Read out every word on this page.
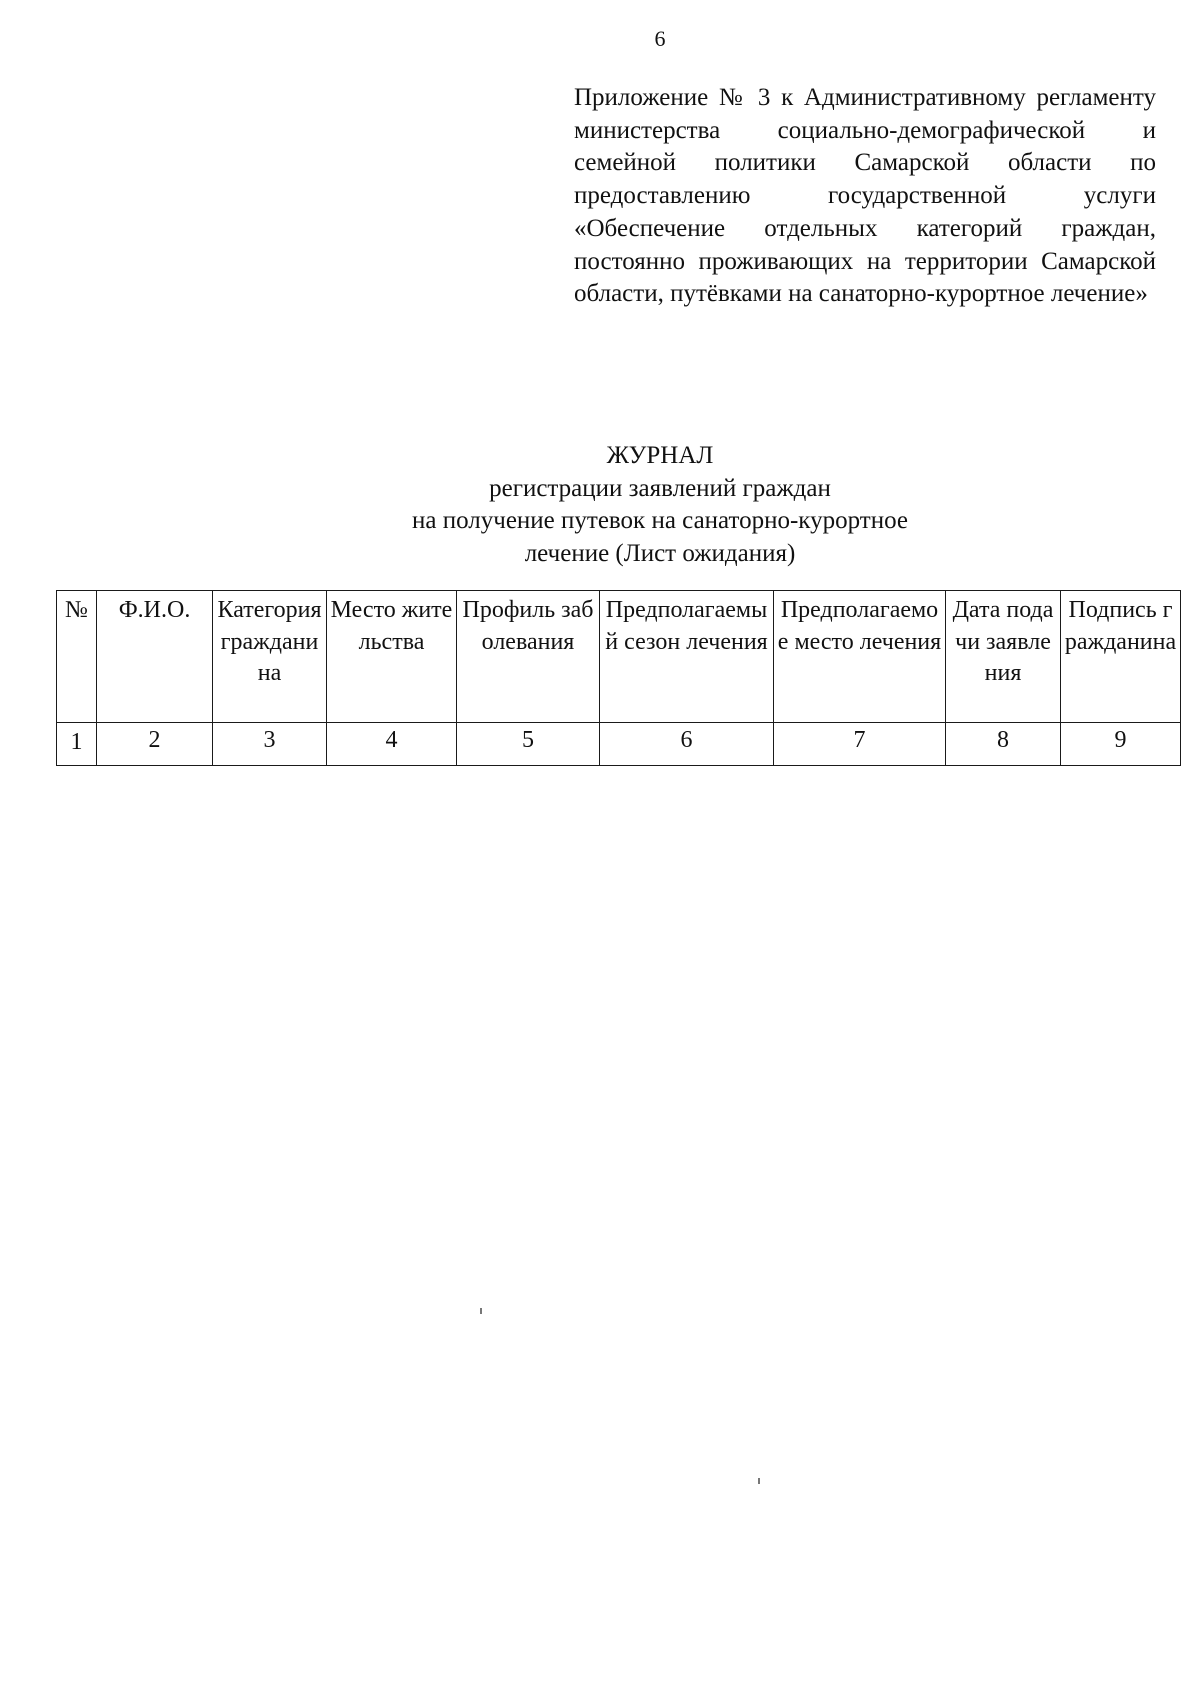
6

Приложение № 3 к Административному регламенту министерства социально-демографической и семейной политики Самарской области по предоставлению государственной услуги «Обеспечение отдельных категорий граждан, постоянно проживающих на территории Самарской области, путёвками на санаторно-курортное лечение»

ЖУРНАЛ
регистрации заявлений граждан
на получение путевок на санаторно-курортное
лечение (Лист ожидания)
№	Ф.И.О.	Категория гражданина	Место жительства	Профиль заболевания	Предполагаемый сезон лечения	Предполагаемое место лечения	Дата подачи заявления	Подпись гражданина
1	2	3	4	5	6	7	8	9
